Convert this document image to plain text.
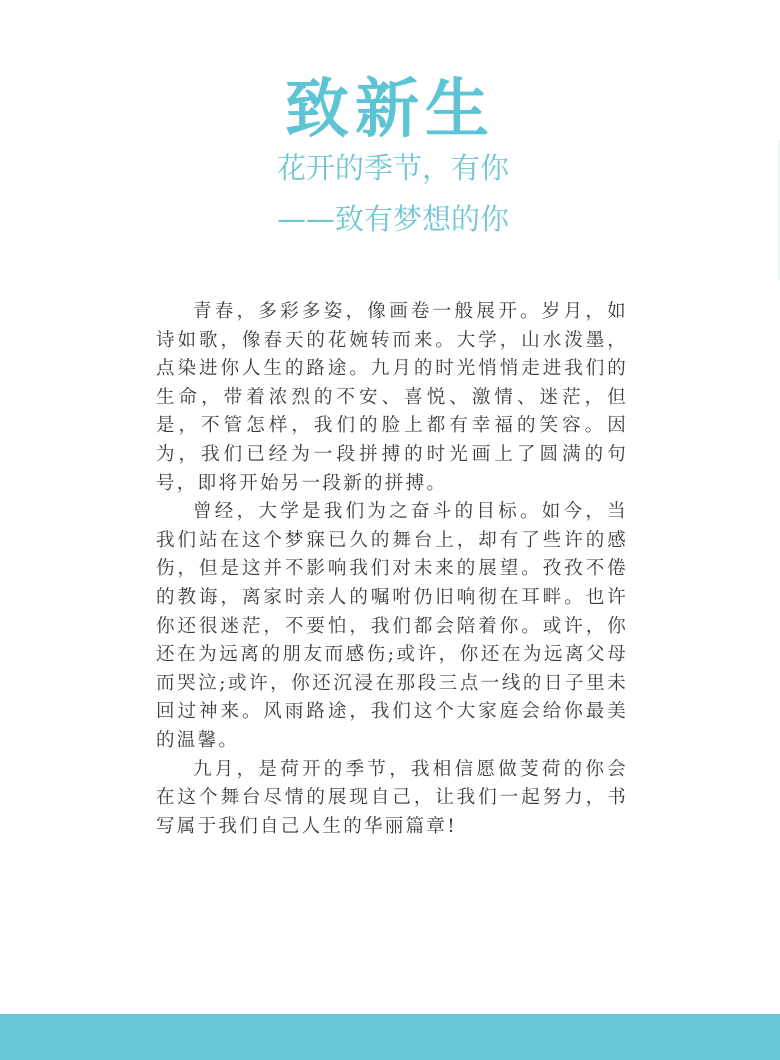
致新生
花开的季节，有你
——致有梦想的你

青春，多彩多姿，像画卷一般展开。岁月，如诗如歌，像春天的花婉转而来。大学，山水泼墨，点染进你人生的路途。九月的时光悄悄走进我们的生命，带着浓烈的不安、喜悦、激情、迷茫，但是，不管怎样，我们的脸上都有幸福的笑容。因为，我们已经为一段拼搏的时光画上了圆满的句号，即将开始另一段新的拼搏。

曾经，大学是我们为之奋斗的目标。如今，当我们站在这个梦寐已久的舞台上，却有了些许的感伤，但是这并不影响我们对未来的展望。孜孜不倦的教诲，离家时亲人的嘱咐仍旧响彻在耳畔。也许你还很迷茫，不要怕，我们都会陪着你。或许，你还在为远离的朋友而感伤;或许，你还在为远离父母而哭泣;或许，你还沉浸在那段三点一线的日子里未回过神来。风雨路途，我们这个大家庭会给你最美的温馨。

九月，是荷开的季节，我相信愿做芰荷的你会在这个舞台尽情的展现自己，让我们一起努力，书写属于我们自己人生的华丽篇章!
